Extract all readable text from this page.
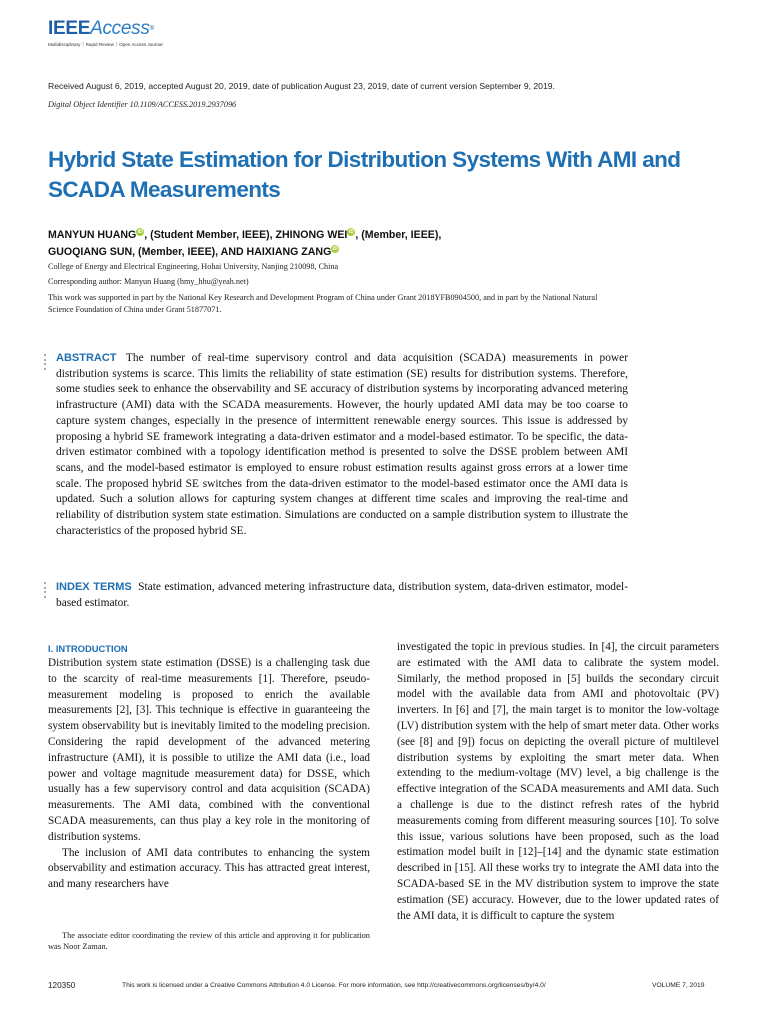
IEEEAccess®
Multidisciplinary ⏐ Rapid Review ⏐ Open Access Journal
Received August 6, 2019, accepted August 20, 2019, date of publication August 23, 2019, date of current version September 9, 2019.
Digital Object Identifier 10.1109/ACCESS.2019.2937096
Hybrid State Estimation for Distribution Systems With AMI and SCADA Measurements
MANYUN HUANG iD , (Student Member, IEEE), ZHINONG WEI iD , (Member, IEEE),
GUOQIANG SUN, (Member, IEEE), AND HAIXIANG ZANG iD
College of Energy and Electrical Engineering, Hohai University, Nanjing 210098, China
Corresponding author: Manyun Huang (hmy_hhu@yeah.net)
This work was supported in part by the National Key Research and Development Program of China under Grant 2018YFB0904500, and in part by the National Natural Science Foundation of China under Grant 51877071.
ABSTRACT The number of real-time supervisory control and data acquisition (SCADA) measurements in power distribution systems is scarce. This limits the reliability of state estimation (SE) results for distribution systems. Therefore, some studies seek to enhance the observability and SE accuracy of distribution systems by incorporating advanced metering infrastructure (AMI) data with the SCADA measurements. However, the hourly updated AMI data may be too coarse to capture system changes, especially in the presence of intermittent renewable energy sources. This issue is addressed by proposing a hybrid SE framework integrating a data-driven estimator and a model-based estimator. To be specific, the data-driven estimator combined with a topology identification method is presented to solve the DSSE problem between AMI scans, and the model-based estimator is employed to ensure robust estimation results against gross errors at a lower time scale. The proposed hybrid SE switches from the data-driven estimator to the model-based estimator once the AMI data is updated. Such a solution allows for capturing system changes at different time scales and improving the real-time and reliability of distribution system state estimation. Simulations are conducted on a sample distribution system to illustrate the characteristics of the proposed hybrid SE.
INDEX TERMS State estimation, advanced metering infrastructure data, distribution system, data-driven estimator, model-based estimator.
I. INTRODUCTION

Distribution system state estimation (DSSE) is a challenging task due to the scarcity of real-time measurements [1]. Therefore, pseudo-measurement modeling is proposed to enrich the available measurements [2], [3]. This technique is effective in guaranteeing the system observability but is inevitably limited to the modeling precision. Considering the rapid development of the advanced metering infrastructure (AMI), it is possible to utilize the AMI data (i.e., load power and voltage magnitude measurement data) for DSSE, which usually has a few supervisory control and data acquisition (SCADA) measurements. The AMI data, combined with the conventional SCADA measurements, can thus play a key role in the monitoring of distribution systems.

The inclusion of AMI data contributes to enhancing the system observability and estimation accuracy. This has attracted great interest, and many researchers have

investigated the topic in previous studies. In [4], the circuit parameters are estimated with the AMI data to calibrate the system model. Similarly, the method proposed in [5] builds the secondary circuit model with the available data from AMI and photovoltaic (PV) inverters. In [6] and [7], the main target is to monitor the low-voltage (LV) distribution system with the help of smart meter data. Other works (see [8] and [9]) focus on depicting the overall picture of multilevel distribution systems by exploiting the smart meter data. When extending to the medium-voltage (MV) level, a big challenge is the effective integration of the SCADA measurements and AMI data. Such a challenge is due to the distinct refresh rates of the hybrid measurements coming from different measuring sources [10]. To solve this issue, various solutions have been proposed, such as the load estimation model built in [12]–[14] and the dynamic state estimation described in [15]. All these works try to integrate the AMI data into the SCADA-based SE in the MV distribution system to improve the state estimation (SE) accuracy. However, due to the lower updated rates of the AMI data, it is difficult to capture the system

The associate editor coordinating the review of this article and approving it for publication was Noor Zaman.
120350	This work is licensed under a Creative Commons Attribution 4.0 License. For more information, see http://creativecommons.org/licenses/by/4.0/	VOLUME 7, 2019
